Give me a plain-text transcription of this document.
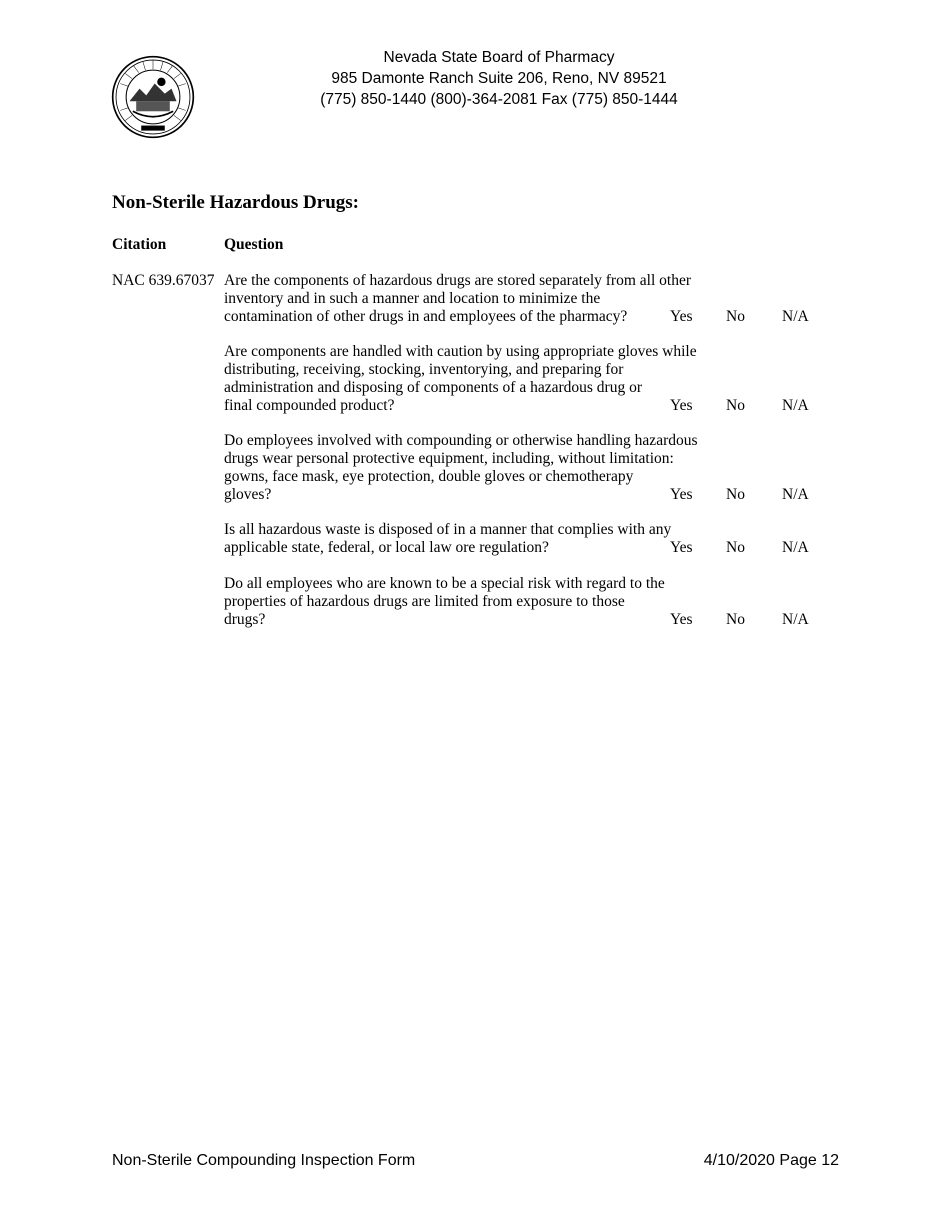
Nevada State Board of Pharmacy
985 Damonte Ranch Suite 206, Reno, NV 89521
(775) 850-1440 (800)-364-2081 Fax (775) 850-1444
Non-Sterile Hazardous Drugs:
Citation	Question
NAC 639.67037 Are the components of hazardous drugs are stored separately from all other
inventory and in such a manner and location to minimize the
contamination of other drugs in and employees of the pharmacy?	Yes No N/A
Are components are handled with caution by using appropriate gloves while
distributing, receiving, stocking, inventorying, and preparing for
administration and disposing of components of a hazardous drug or
final compounded product?	Yes No N/A
Do employees involved with compounding or otherwise handling hazardous
drugs wear personal protective equipment, including, without limitation:
gowns, face mask, eye protection, double gloves or chemotherapy
gloves?	Yes No N/A
Is all hazardous waste is disposed of in a manner that complies with any
applicable state, federal, or local law ore regulation?	Yes No N/A
Do all employees who are known to be a special risk with regard to the
properties of hazardous drugs are limited from exposure to those
drugs?	Yes No N/A
Non-Sterile Compounding Inspection Form	4/10/2020 Page 12
